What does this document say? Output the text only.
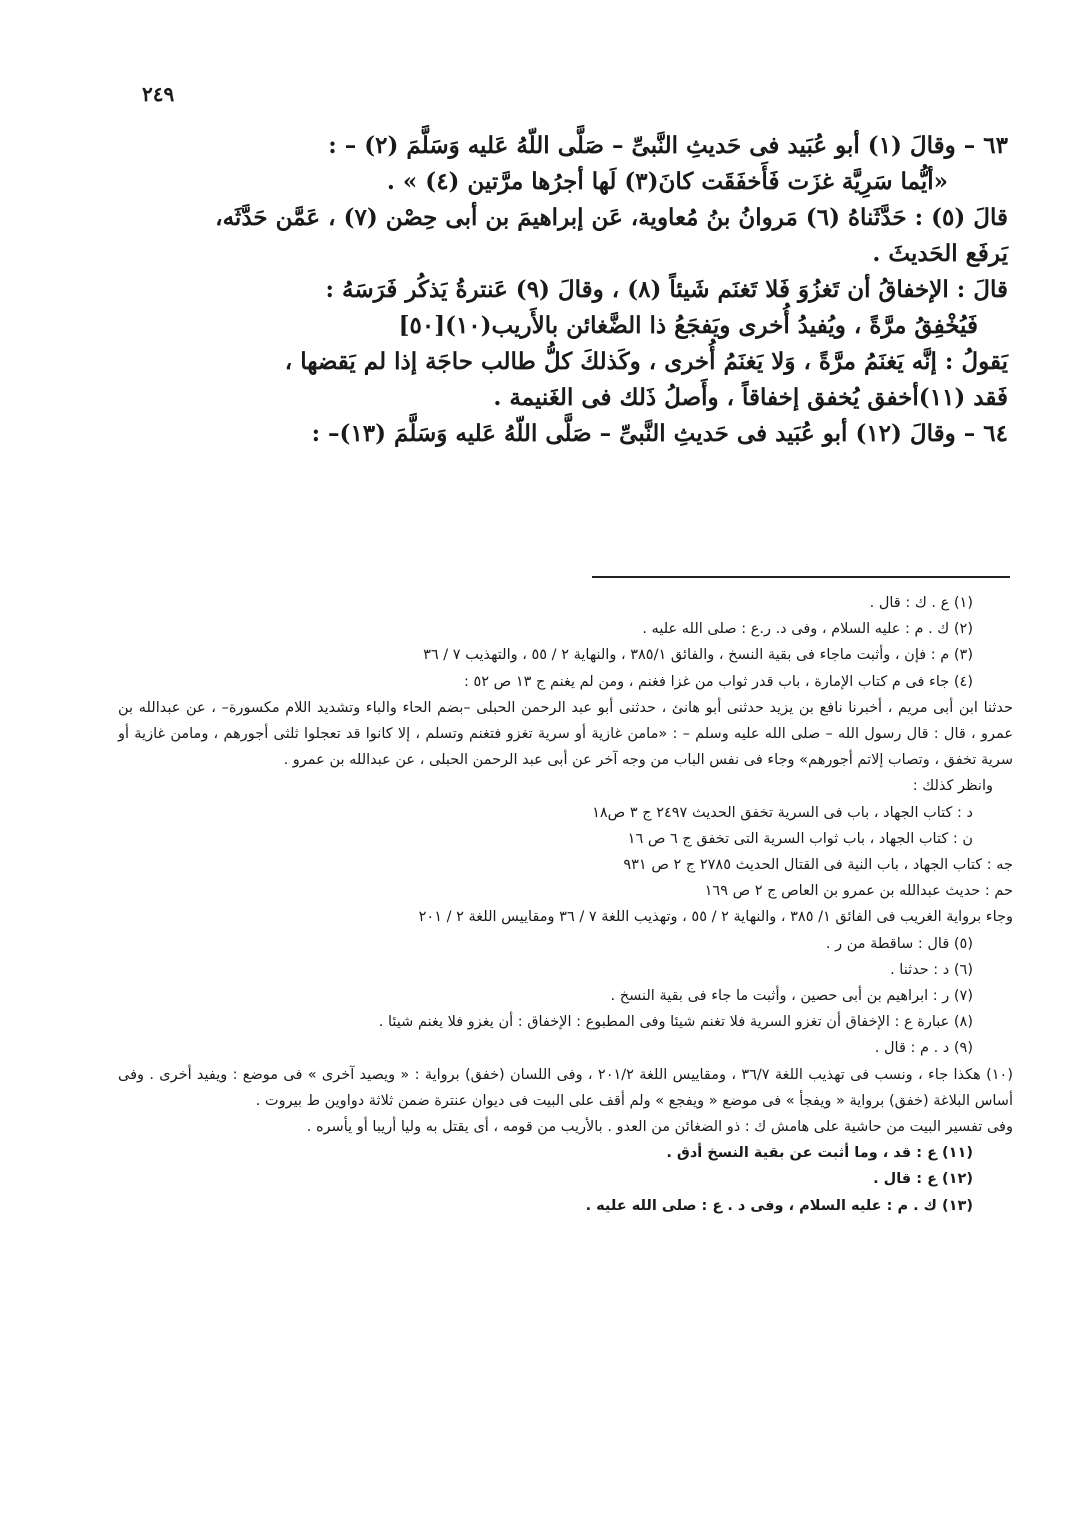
٢٤٩
٦٣ – وقالَ (١) أبو عُبَيد فى حَديثِ النَّبىِّ – صَلَّى اللّهُ عَليه وَسَلَّمَ (٢) – :
«أيُّما سَرِيَّة غزَت فَأَخفَقَت كانَ(٣) لَها أجرُها مرَّتين (٤) » .
قالَ (٥) : حَدَّثَناهُ (٦) مَروانُ بنُ مُعاوية، عَن إبراهيمَ بن أبى حِصْن (٧) ، عَمَّن حَدَّثَه،
يَرفَع الحَديثَ .
قالَ : الإخفاقُ أن تَغزُوَ فَلا تَغنَم شَيئاً (٨) ، وقالَ (٩) عَنترةُ يَذكُر فَرَسَهُ :
فَيُخْفِقُ مرَّةً ، ويُفيدُ أُخرى ويَفجَعُ ذا الضَّغائن بالأَريب(١٠)[٥٠]
يَقولُ : إنَّه يَغنَمُ مرَّةً ، وَلا يَغنَمُ أُخرى ، وكَذلكَ كلُّ طالب حاجَة إذا لم يَقضها ،
فَقد (١١)أخفق يُخفق إخفاقاً ، وأَصلُ ذَلك فى الغَنيمة .
٦٤ – وقالَ (١٢) أبو عُبَيد فى حَديثِ النَّبىِّ – صَلَّى اللّهُ عَليه وَسَلَّمَ (١٣)– :
(١) ع . ك : قال .
(٢) ك . م : عليه السلام ، وفى د. ر.ع : صلى الله عليه .
(٣) م : فإن ، وأثبت ماجاء فى بقية النسخ ، والفائق ٣٨٥/١ ، والنهاية ٢ / ٥٥ ، والتهذيب ٧ / ٣٦
(٤) جاء فى م كتاب الإمارة ، باب قدر ثواب من غزا فغنم ، ومن لم يغنم ج ١٣ ص ٥٢ :
حدثنا ابن أبى مريم ، أخبرنا نافع بن يزيد حدثنى أبو هانئ ، حدثنى أبو عبد الرحمن الحبلى –بضم الحاء والباء وتشديد اللام مكسورة– ، عن عبدالله بن عمرو ، قال : قال رسول الله – صلى الله عليه وسلم – : «مامن غازية أو سرية تغزو فتغنم وتسلم ، إلا كانوا قد تعجلوا ثلثى أجورهم ، ومامن غازية أو سرية تخفق ، وتصاب إلاتم أجورهم» وجاء فى نفس الباب من وجه آخر عن أبى عبد الرحمن الحبلى ، عن عبدالله بن عمرو .
وانظر كذلك :
د : كتاب الجهاد ، باب فى السرية تخفق الحديث ٢٤٩٧ ج ٣ ص١٨
ن : كتاب الجهاد ، باب ثواب السرية التى تخفق ج ٦ ص ١٦
جه : كتاب الجهاد ، باب النية فى القتال الحديث ٢٧٨٥ ج ٢ ص ٩٣١
حم : حديث عبدالله بن عمرو بن العاص ج ٢ ص ١٦٩
وجاء برواية الغريب فى الفائق ١/ ٣٨٥ ، والنهاية ٢ / ٥٥ ، وتهذيب اللغة ٧ / ٣٦ ومقاييس اللغة ٢ / ٢٠١
(٥) قال : ساقطة من ر .
(٦) د : حدثنا .
(٧) ر : ابراهيم بن أبى حصين ، وأثبت ما جاء فى بقية النسخ .
(٨) عبارة ع : الإخفاق أن تغزو السرية فلا تغنم شيئا وفى المطبوع : الإخفاق : أن يغزو فلا يغنم شيئا .
(٩) د . م : قال .
(١٠) هكذا جاء ، ونسب فى تهذيب اللغة ٣٦/٧ ، ومقاييس اللغة ٢٠١/٢ ، وفى اللسان (خفق) برواية : « ويصيد آخرى » فى موضع : ويفيد أخرى . وفى أساس البلاغة (خفق) برواية « ويفجأ » فى موضع « ويفجع » ولم أقف على البيت فى ديوان عنترة ضمن ثلاثة دواوين ط بيروت .
وفى تفسير البيت من حاشية على هامش ك : ذو الضغائن من العدو . بالأريب من قومه ، أى يقتل به وليا أريبا أو يأسره .
(١١) ع : قد ، وما أثبت عن بقية النسخ أدق .
(١٢) ع : قال .
(١٣) ك . م : عليه السلام ، وفى د . ع : صلى الله عليه .
